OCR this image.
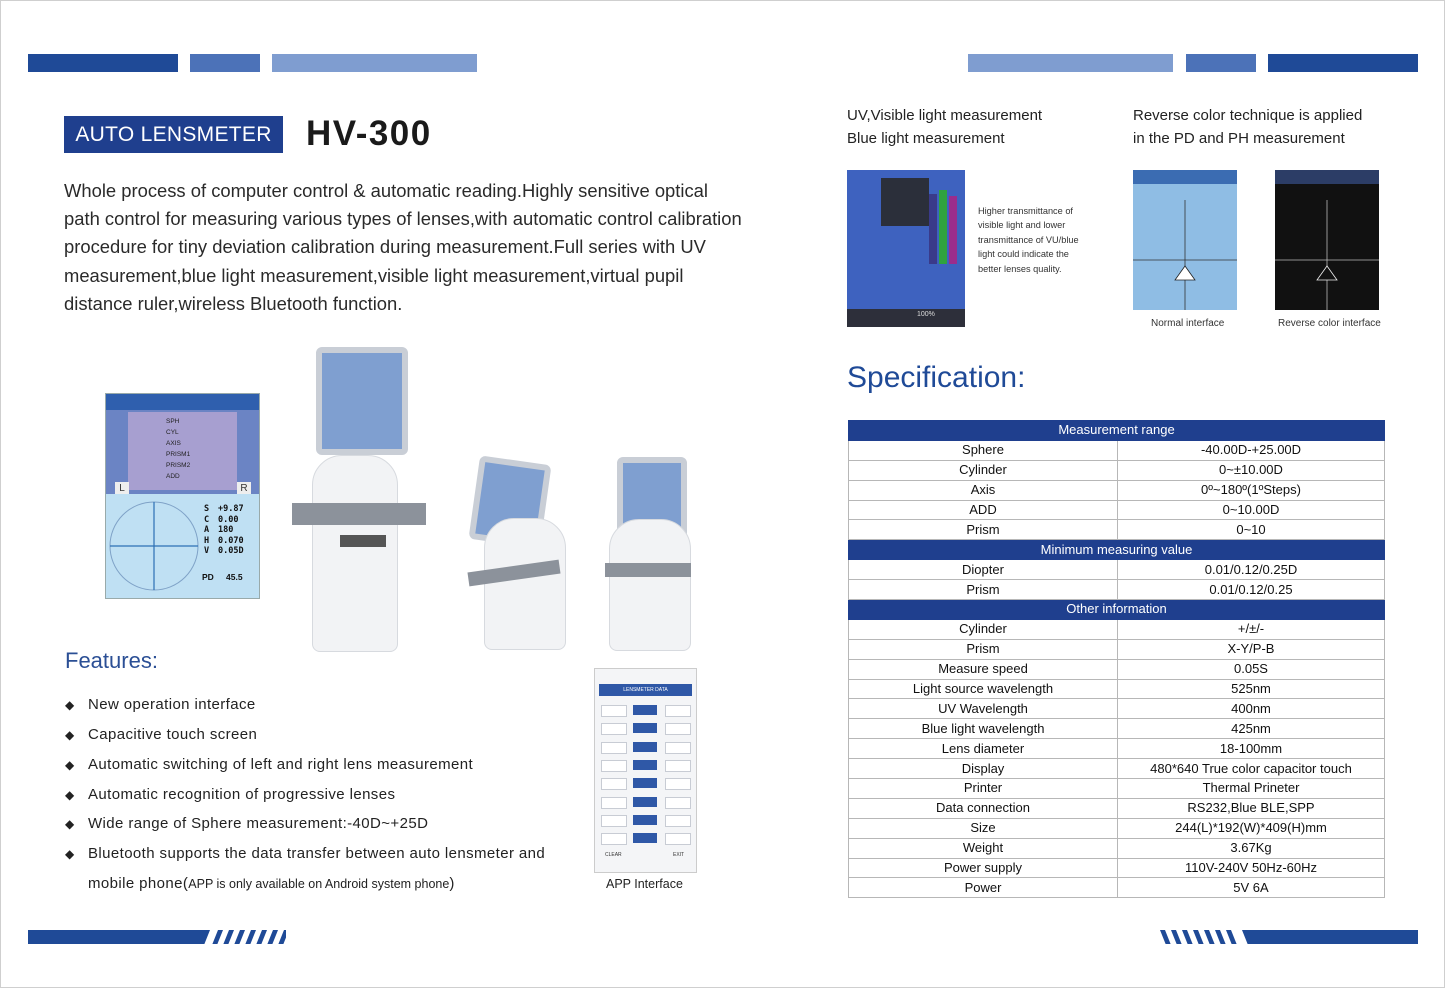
AUTO LENSMETER HV-300
Whole process of computer control & automatic reading.Highly sensitive optical path control for measuring various types of lenses,with automatic control calibration procedure for tiny deviation calibration during measurement.Full series with UV measurement,blue light measurement,visible light measurement,virtual pupil distance ruler,wireless Bluetooth function.
SPH
CYL
AXIS
PRISM1
PRISM2
ADD
L	R
S +9.87
C 0.00
A 180
H 0.070
V 0.05D
PD 45.5
Features:
◆ New operation interface
◆ Capacitive touch screen
◆ Automatic switching of left and right lens measurement
◆ Automatic recognition of progressive lenses
◆ Wide range of Sphere measurement:-40D~+25D
◆ Bluetooth supports the data transfer between auto lensmeter and
mobile phone(APP is only available on Android system phone)
LENSMETER DATA
CLEAR	EXIT
APP Interface
UV,Visible light measurement
Blue light measurement
Reverse color technique is applied
in the PD and PH measurement
100%
Higher transmittance of visible light and lower transmittance of VU/blue light could indicate the better lenses quality.
Normal interface	Reverse color interface
Specification:
Measurement range	
Sphere	-40.00D-+25.00D
Cylinder	0~±10.00D
Axis	0º~180º(1ºSteps)
ADD	0~10.00D
Prism	0~10
Minimum measuring value	
Diopter	0.01/0.12/0.25D
Prism	0.01/0.12/0.25
Other information	
Cylinder	+/±/-
Prism	X-Y/P-B
Measure speed	0.05S
Light source wavelength	525nm
UV Wavelength	400nm
Blue light wavelength	425nm
Lens diameter	18-100mm
Display	480*640 True color capacitor touch
Printer	Thermal Prineter
Data connection	RS232,Blue BLE,SPP
Size	244(L)*192(W)*409(H)mm
Weight	3.67Kg
Power supply	110V-240V 50Hz-60Hz
Power	5V 6A
